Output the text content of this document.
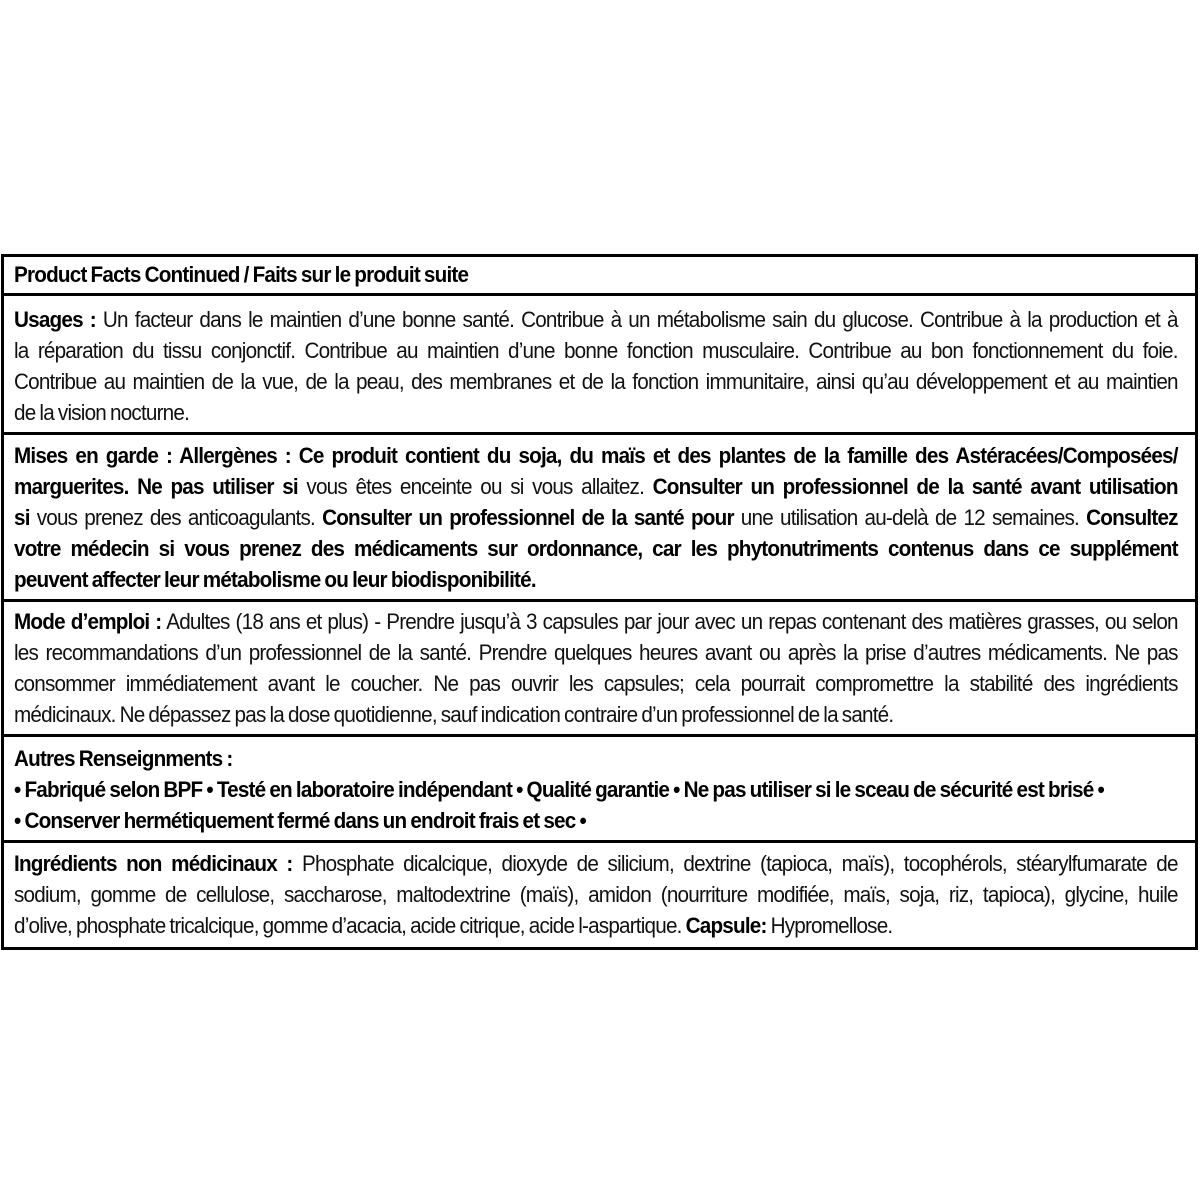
Product Facts Continued / Faits sur le produit suite
Usages : Un facteur dans le maintien d’une bonne santé. Contribue à un métabolisme sain du glucose. Contribue à la production et à
la réparation du tissu conjonctif. Contribue au maintien d’une bonne fonction musculaire. Contribue au bon fonctionnement du foie.
Contribue au maintien de la vue, de la peau, des membranes et de la fonction immunitaire, ainsi qu’au développement et au maintien
de la vision nocturne.
Mises en garde : Allergènes : Ce produit contient du soja, du maïs et des plantes de la famille des Astéracées/Composées/
marguerites. Ne pas utiliser si vous êtes enceinte ou si vous allaitez. Consulter un professionnel de la santé avant utilisation
si vous prenez des anticoagulants. Consulter un professionnel de la santé pour une utilisation au-delà de 12 semaines. Consultez
votre médecin si vous prenez des médicaments sur ordonnance, car les phytonutriments contenus dans ce supplément
peuvent affecter leur métabolisme ou leur biodisponibilité.
Mode d’emploi : Adultes (18 ans et plus) - Prendre jusqu’à 3 capsules par jour avec un repas contenant des matières grasses, ou selon
les recommandations d’un professionnel de la santé. Prendre quelques heures avant ou après la prise d’autres médicaments. Ne pas
consommer immédiatement avant le coucher. Ne pas ouvrir les capsules; cela pourrait compromettre la stabilité des ingrédients
médicinaux. Ne dépassez pas la dose quotidienne, sauf indication contraire d’un professionnel de la santé.
Autres Renseignments :
• Fabriqué selon BPF • Testé en laboratoire indépendant • Qualité garantie • Ne pas utiliser si le sceau de sécurité est brisé •
• Conserver hermétiquement fermé dans un endroit frais et sec •
Ingrédients non médicinaux : Phosphate dicalcique, dioxyde de silicium, dextrine (tapioca, maïs), tocophérols, stéarylfumarate de
sodium, gomme de cellulose, saccharose, maltodextrine (maïs), amidon (nourriture modifiée, maïs, soja, riz, tapioca), glycine, huile
d’olive, phosphate tricalcique, gomme d’acacia, acide citrique, acide l-aspartique. Capsule: Hypromellose.
